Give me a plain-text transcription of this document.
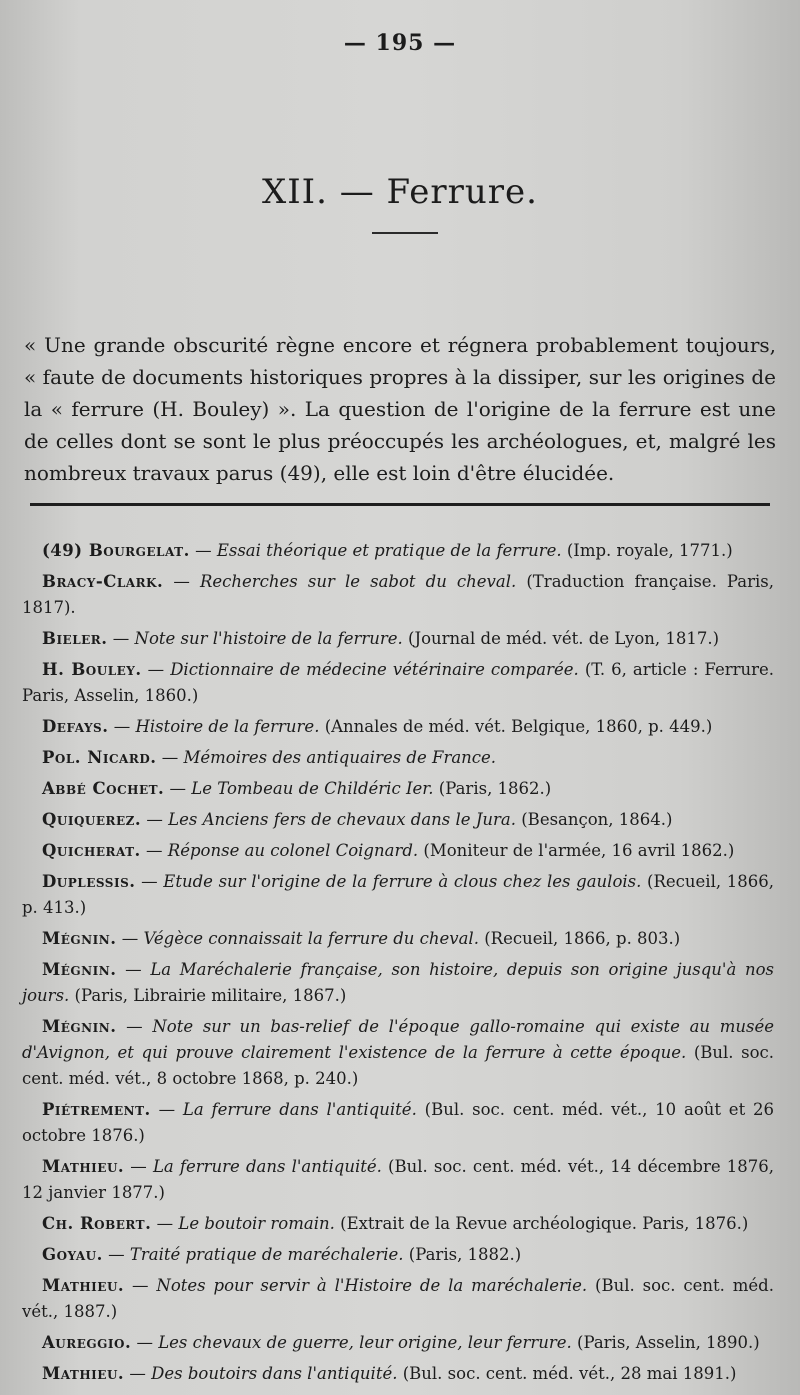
— 195 —
XII. — Ferrure.

« Une grande obscurité règne encore et régnera probablement toujours, « faute de documents historiques propres à la dissiper, sur les origines de la « ferrure (H. Bouley) ». La question de l'origine de la ferrure est une de celles dont se sont le plus préoccupés les archéologues, et, malgré les nombreux travaux parus (49), elle est loin d'être élucidée.

(49) Bourgelat. — Essai théorique et pratique de la ferrure. (Imp. royale, 1771.)

Bracy-Clark. — Recherches sur le sabot du cheval. (Traduction française. Paris, 1817).

Bieler. — Note sur l'histoire de la ferrure. (Journal de méd. vét. de Lyon, 1817.)

H. Bouley. — Dictionnaire de médecine vétérinaire comparée. (T. 6, article : Ferrure. Paris, Asselin, 1860.)

Defays. — Histoire de la ferrure. (Annales de méd. vét. Belgique, 1860, p. 449.)

Pol. Nicard. — Mémoires des antiquaires de France.

Abbé Cochet. — Le Tombeau de Childéric Ier. (Paris, 1862.)

Quiquerez. — Les Anciens fers de chevaux dans le Jura. (Besançon, 1864.)

Quicherat. — Réponse au colonel Coignard. (Moniteur de l'armée, 16 avril 1862.)

Duplessis. — Etude sur l'origine de la ferrure à clous chez les gaulois. (Recueil, 1866, p. 413.)

Mégnin. — Végèce connaissait la ferrure du cheval. (Recueil, 1866, p. 803.)

Mégnin. — La Maréchalerie française, son histoire, depuis son origine jusqu'à nos jours. (Paris, Librairie militaire, 1867.)

Mégnin. — Note sur un bas-relief de l'époque gallo-romaine qui existe au musée d'Avignon, et qui prouve clairement l'existence de la ferrure à cette époque. (Bul. soc. cent. méd. vét., 8 octobre 1868, p. 240.)

Piétrement. — La ferrure dans l'antiquité. (Bul. soc. cent. méd. vét., 10 août et 26 octobre 1876.)

Mathieu. — La ferrure dans l'antiquité. (Bul. soc. cent. méd. vét., 14 décembre 1876, 12 janvier 1877.)

Ch. Robert. — Le boutoir romain. (Extrait de la Revue archéologique. Paris, 1876.)

Goyau. — Traité pratique de maréchalerie. (Paris, 1882.)

Mathieu. — Notes pour servir à l'Histoire de la maréchalerie. (Bul. soc. cent. méd. vét., 1887.)

Aureggio. — Les chevaux de guerre, leur origine, leur ferrure. (Paris, Asselin, 1890.)

Mathieu. — Des boutoirs dans l'antiquité. (Bul. soc. cent. méd. vét., 28 mai 1891.)
